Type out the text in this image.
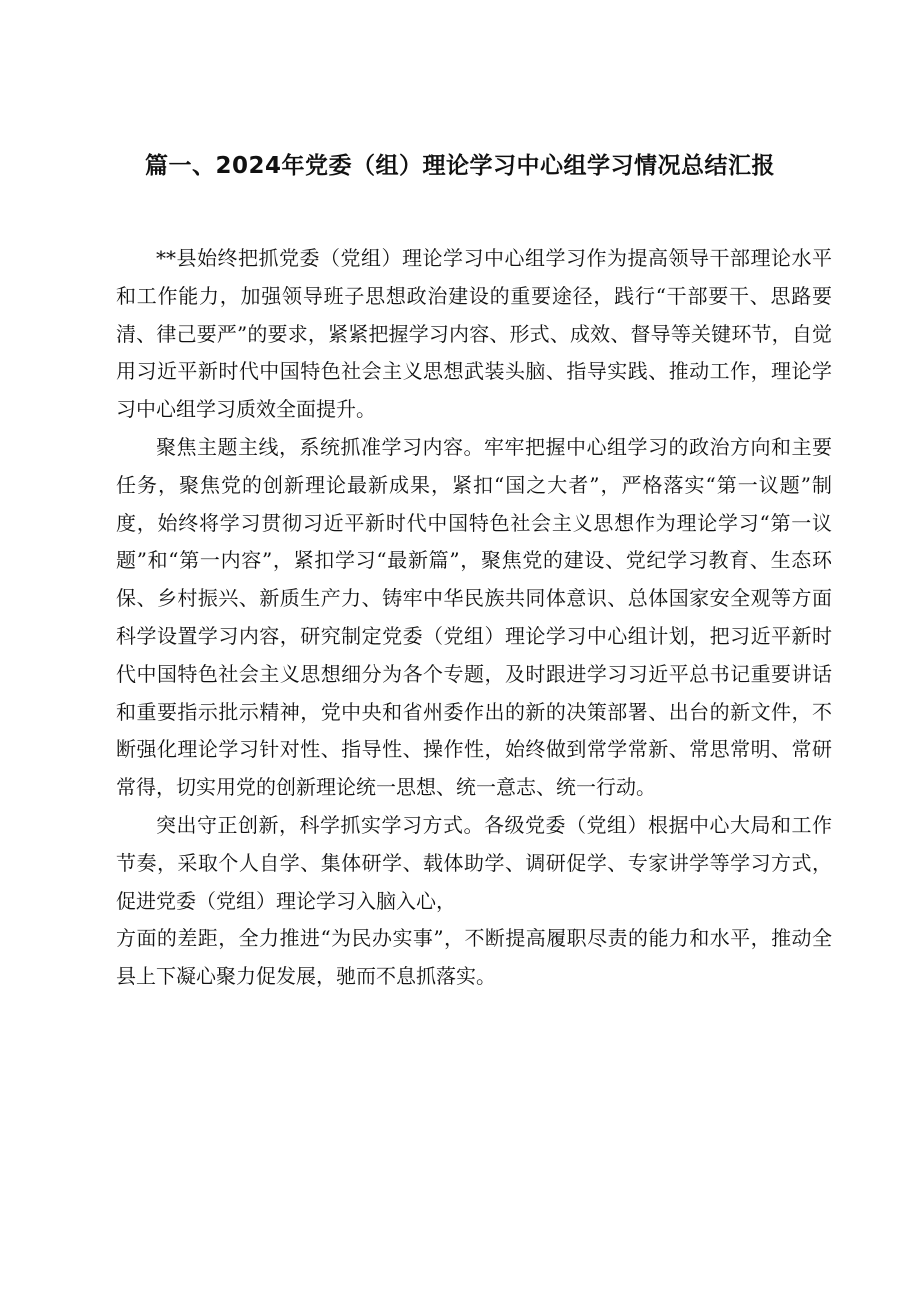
篇一、2024年党委（组）理论学习中心组学习情况总结汇报

**县始终把抓党委（党组）理论学习中心组学习作为提高领导干部理论水平和工作能力，加强领导班子思想政治建设的重要途径，践行“干部要干、思路要清、律己要严”的要求，紧紧把握学习内容、形式、成效、督导等关键环节，自觉用习近平新时代中国特色社会主义思想武装头脑、指导实践、推动工作，理论学习中心组学习质效全面提升。

聚焦主题主线，系统抓准学习内容。牢牢把握中心组学习的政治方向和主要任务，聚焦党的创新理论最新成果，紧扣“国之大者”，严格落实“第一议题”制度，始终将学习贯彻习近平新时代中国特色社会主义思想作为理论学习“第一议题”和“第一内容”，紧扣学习“最新篇”，聚焦党的建设、党纪学习教育、生态环保、乡村振兴、新质生产力、铸牢中华民族共同体意识、总体国家安全观等方面科学设置学习内容，研究制定党委（党组）理论学习中心组计划，把习近平新时代中国特色社会主义思想细分为各个专题，及时跟进学习习近平总书记重要讲话和重要指示批示精神，党中央和省州委作出的新的决策部署、出台的新文件，不断强化理论学习针对性、指导性、操作性，始终做到常学常新、常思常明、常研常得，切实用党的创新理论统一思想、统一意志、统一行动。

突出守正创新，科学抓实学习方式。各级党委（党组）根据中心大局和工作节奏，采取个人自学、集体研学、载体助学、调研促学、专家讲学等学习方式，促进党委（党组）理论学习入脑入心，

方面的差距，全力推进“为民办实事”，不断提高履职尽责的能力和水平，推动全县上下凝心聚力促发展，驰而不息抓落实。
